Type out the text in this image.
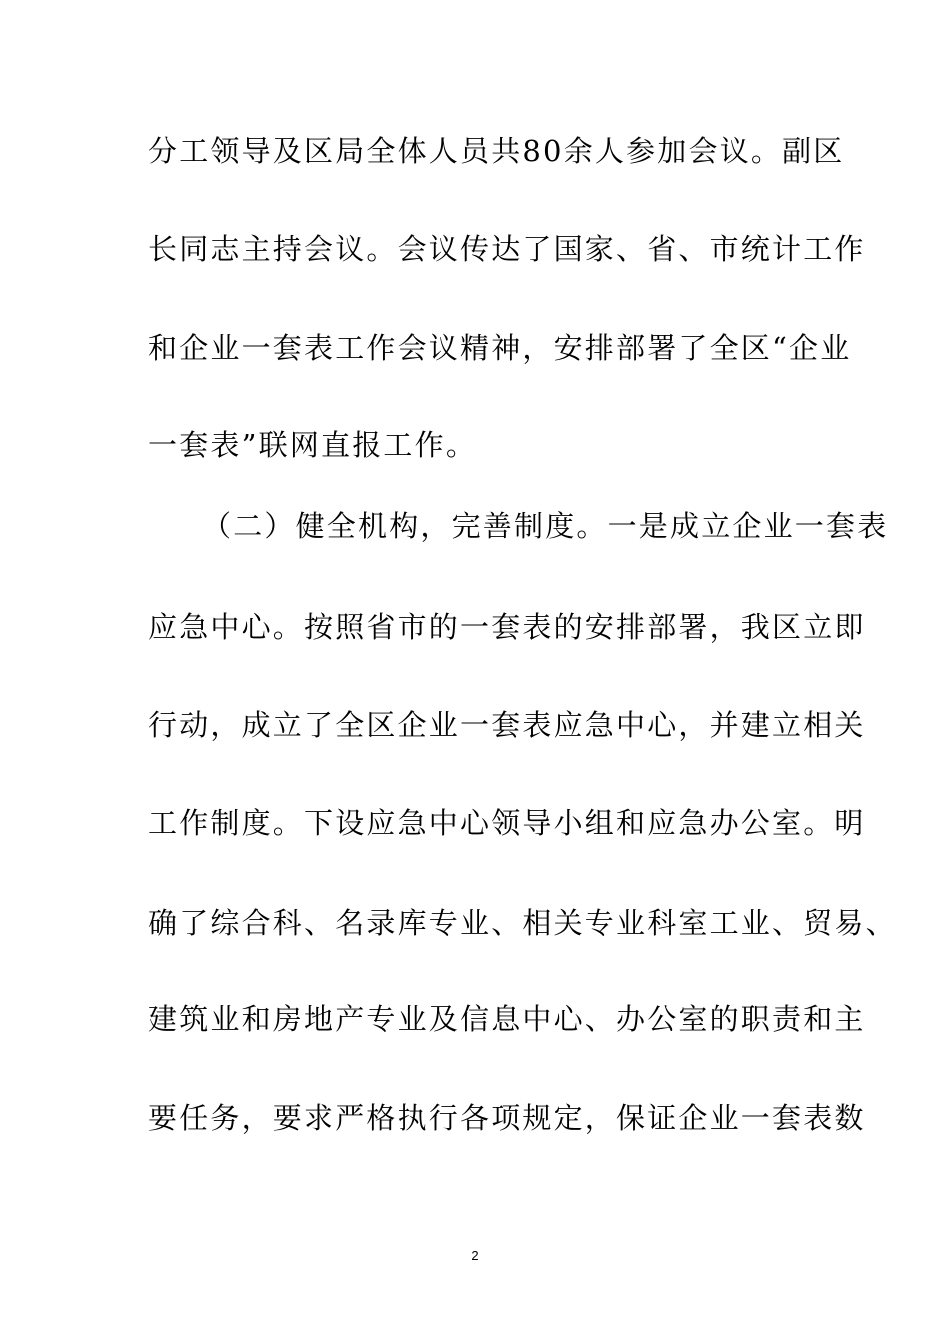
分工领导及区局全体人员共80余人参加会议。副区
长同志主持会议。会议传达了国家、省、市统计工作
和企业一套表工作会议精神，安排部署了全区“企业
一套表”联网直报工作。
（二）健全机构，完善制度。一是成立企业一套表
应急中心。按照省市的一套表的安排部署，我区立即
行动，成立了全区企业一套表应急中心，并建立相关
工作制度。下设应急中心领导小组和应急办公室。明
确了综合科、名录库专业、相关专业科室工业、贸易、
建筑业和房地产专业及信息中心、办公室的职责和主
要任务，要求严格执行各项规定，保证企业一套表数
2
